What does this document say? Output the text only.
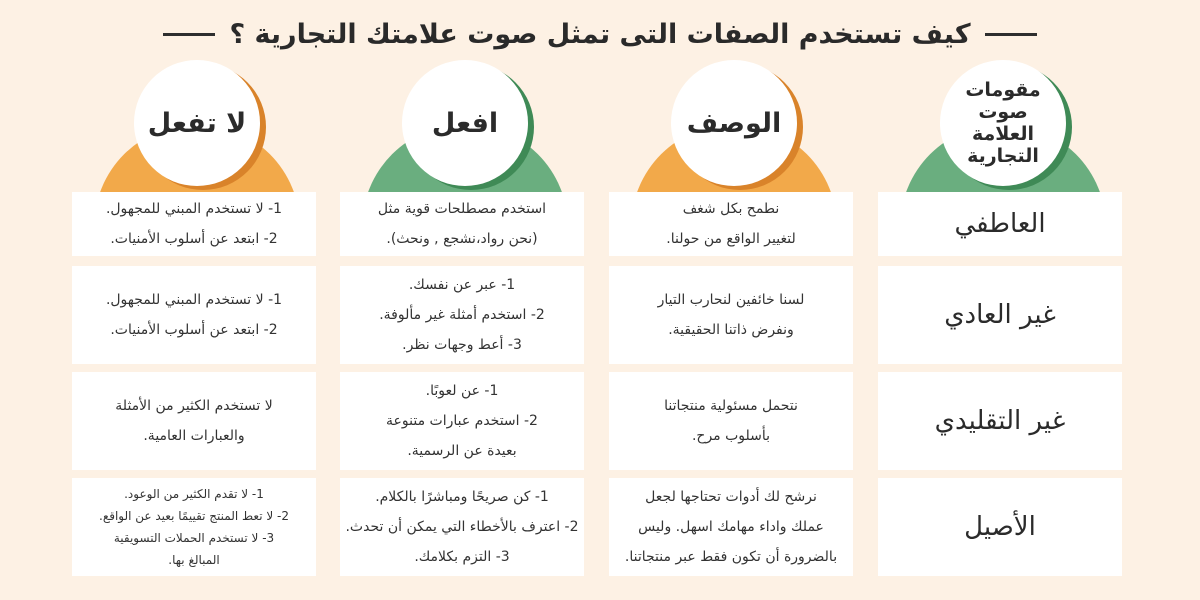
كيف تستخدم الصفات التى تمثل صوت علامتك التجارية ؟
مقومات صوت العلامة التجارية
الوصف
افعل
لا تفعل
العاطفي
نطمح بكل شغف
لتغيير الواقع من حولنا.
استخدم مصطلحات قوية مثل
(نحن رواد،نشجع , ونحث).
1- لا تستخدم المبني للمجهول.
2- ابتعد عن أسلوب الأمنيات.
غير العادي
لسنا خائفين لنحارب التيار
ونفرض ذاتنا الحقيقية.
1- عبر عن نفسك.
2- استخدم أمثلة غير مألوفة.
3- أعط وجهات نظر.
1- لا تستخدم المبني للمجهول.
2- ابتعد عن أسلوب الأمنيات.
غير التقليدي
نتحمل مسئولية منتجاتنا
بأسلوب مرح.
1- عن لعوبًا.
2- استخدم عبارات متنوعة
بعيدة عن الرسمية.
لا تستخدم الكثير من الأمثلة
والعبارات العامية.
الأصيل
نرشح لك أدوات تحتاجها لجعل
عملك واداء مهامك اسهل. وليس
بالضرورة أن تكون فقط عبر منتجاتنا.
1- كن صريحًا ومباشرًا بالكلام.
2- اعترف بالأخطاء التي يمكن أن تحدث.
3- التزم بكلامك.
1- لا تقدم الكثير من الوعود.
2- لا تعط المنتج تقييمًا بعيد عن الواقع.
3- لا تستخدم الحملات التسويقية
المبالغ بها.
